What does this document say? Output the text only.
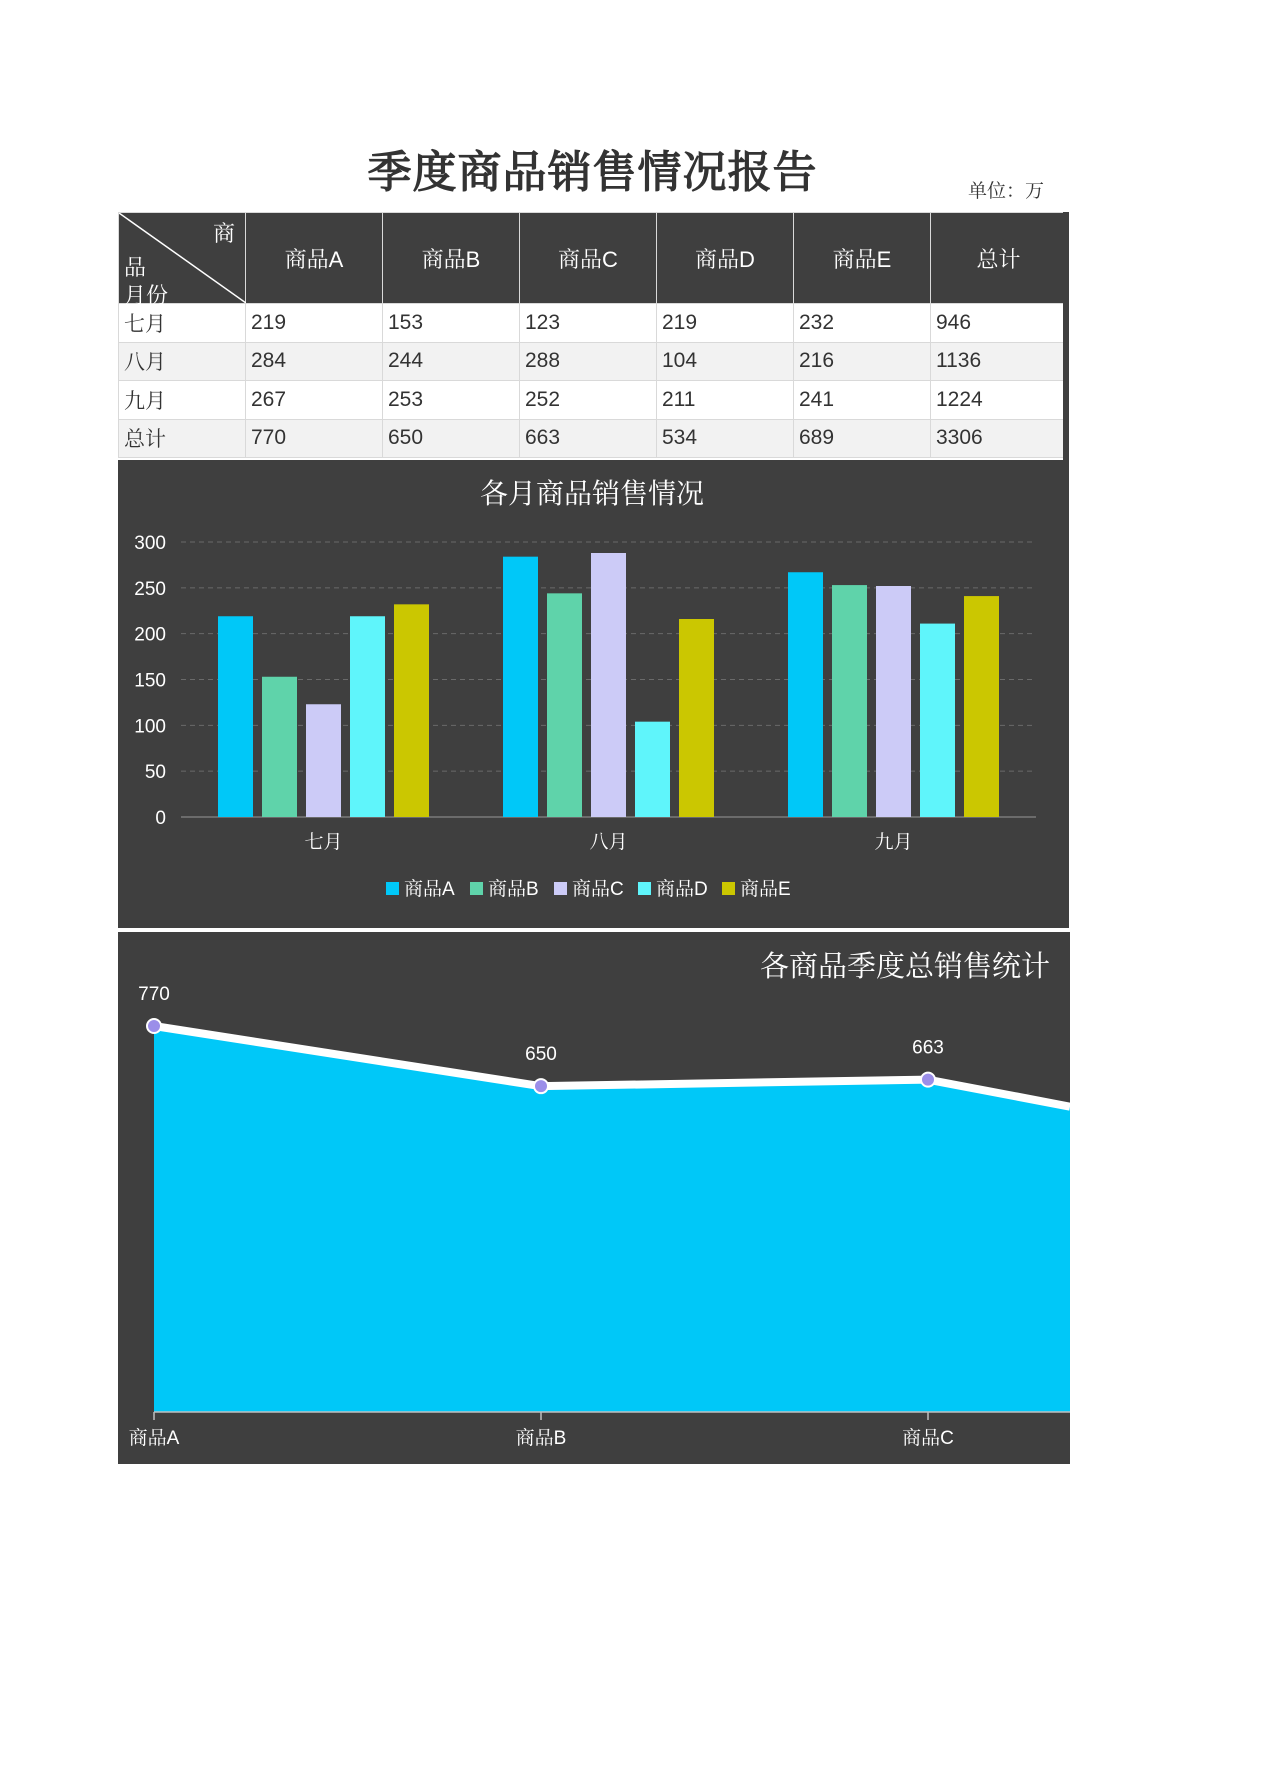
季度商品销售情况报告	单位：万
商
品
月份	商品A	商品B	商品C	商品D	商品E	总计
七月	219	153	123	219	232	946
八月	284	244	288	104	216	1136
九月	267	253	252	211	241	1224
总计	770	650	663	534	689	3306
各月商品销售情况
0
50
100
150
200
250
300
七月	八月	九月
商品A 商品B 商品C 商品D 商品E
各商品季度总销售统计
770
商品A
650
商品B
663
商品C
